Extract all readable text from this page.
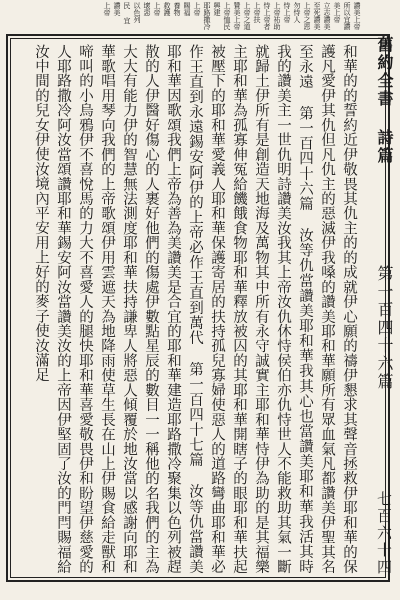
讚美上帝所以宜讚美上帝 立志讚美 至死讚美上帝之恩 勿恃人 恃上帝 上帝祐助 恃上帝者 上帝扶 上帝之道 贊美上帝 上帝恤民 興建 耶路撒冷 上帝 賜福 養物 救護 上帝 壞惡 以色列 民 宜 讚美 上帝
舊約全書 詩篇
第一百四十六篇
七百六十四
和華的的誓約近伊敬畏其仇主的的成就伊心願的禱伊懇求其聲音拯救伊耶和華的保護凡愛伊其仇但凡仇主的惡滅伊我嗓的讚美耶和華願所有眾血氣凡都讚美伊聖其名至永遠 第一百四十六篇 汝等仇當讚美耶和華我其心也當讚美耶和華我活其時我的讚美主一世仇明詩讚美汝我其上帝汝仇休恃侯伯亦仇恃世人不能救助其氣一斷就歸土伊所有是創造天地海及萬物其中所有永守誠實主耶和華恃伊為助的是其福樂主耶和華為孤寡伸冤給饑餓食物耶和華釋放被囚的其耶和華開瞎子的眼耶和華扶起被壓下的耶和華愛義人耶和華保護寄居的扶持孤兒寡婦使惡人的道路彎曲耶和華必作王直到永遠錫安阿伊的上帝必作王直到萬代 第一百四十七篇 汝等仇當讚美耶和華因歌頌我們上帝為善為美讚美是合宜的耶和華建造耶路撒冷聚集以色列被趕散的人伊醫好傷心的人裹好他們的傷處伊數點星辰的數目一一稱他的名我們的主為大大有能力伊的智慧無法測度耶和華扶持謙卑人將惡人傾覆於地汝當以感謝向耶和華歌唱用琴向我們的上帝歌頌伊用雲遮天為地降雨使草生長在山上伊賜食給走獸和啼叫的小烏鴉伊不喜悅馬的力大不喜愛人的腿快耶和華喜愛敬畏伊和盼望伊慈愛的人耶路撒冷阿汝當頌讚耶和華錫安阿汝當讚美汝的上帝因伊堅固了汝的門閂賜福給汝中間的兒女伊使汝境內平安用上好的麥子使汝滿足
